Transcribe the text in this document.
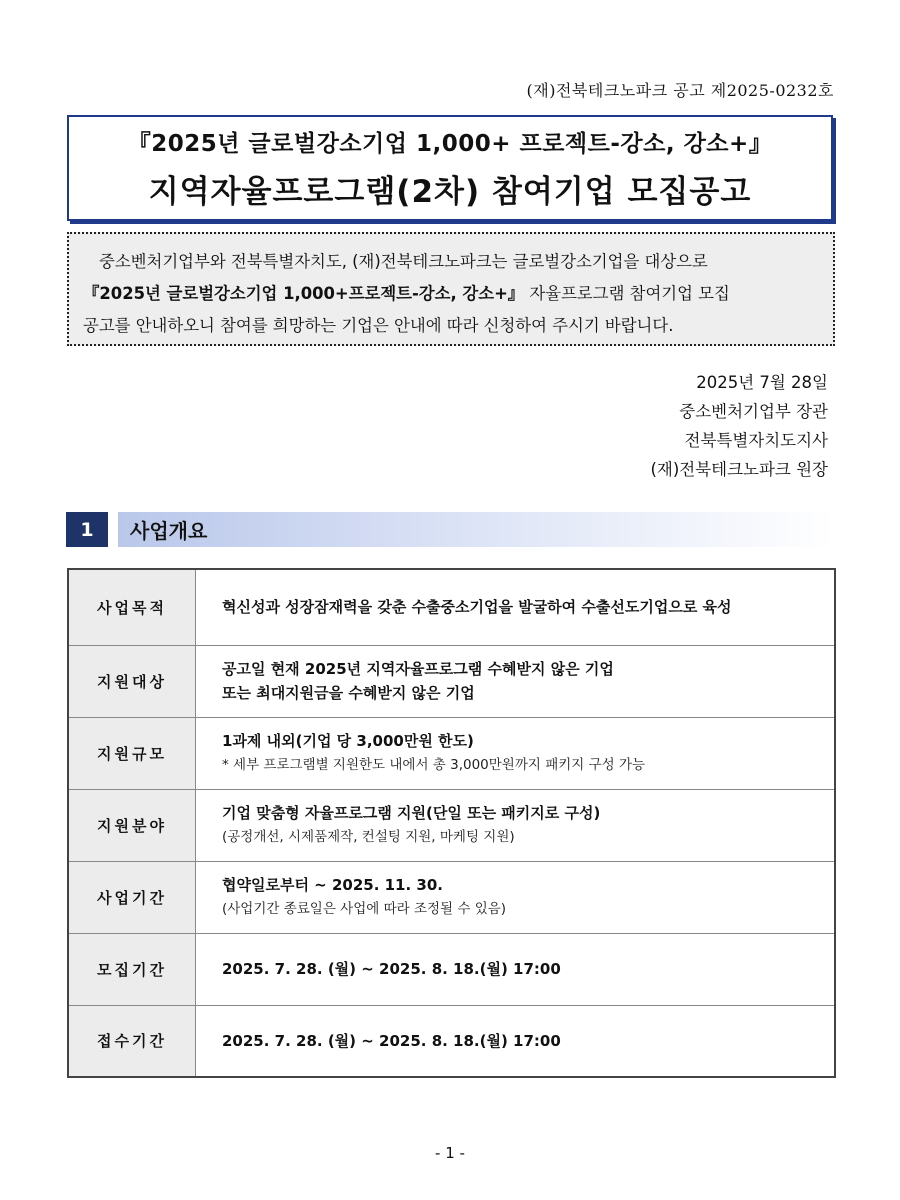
(재)전북테크노파크 공고 제2025-0232호
『2025년 글로벌강소기업 1,000+ 프로젝트-강소, 강소+』
지역자율프로그램(2차) 참여기업 모집공고

중소벤처기업부와 전북특별자치도, (재)전북테크노파크는 글로벌강소기업을 대상으로

『2025년 글로벌강소기업 1,000+프로젝트-강소, 강소+』 자율프로그램 참여기업 모집

공고를 안내하오니 참여를 희망하는 기업은 안내에 따라 신청하여 주시기 바랍니다.

2025년 7월 28일
중소벤처기업부 장관
전북특별자치도지사
(재)전북테크노파크 원장
1	사업개요
사업목적	혁신성과 성장잠재력을 갖춘 수출중소기업을 발굴하여 수출선도기업으로 육성

지원대상	공고일 현재 2025년 지역자율프로그램 수혜받지 않은 기업
또는 최대지원금을 수혜받지 않은 기업

지원규모	1과제 내외(기업 당 3,000만원 한도)
* 세부 프로그램별 지원한도 내에서 총 3,000만원까지 패키지 구성 가능

지원분야	기업 맞춤형 자율프로그램 지원(단일 또는 패키지로 구성)
(공정개선, 시제품제작, 컨설팅 지원, 마케팅 지원)

사업기간	협약일로부터 ~ 2025. 11. 30.
(사업기간 종료일은 사업에 따라 조정될 수 있음)

모집기간	2025. 7. 28. (월) ~ 2025. 8. 18.(월) 17:00

접수기간	2025. 7. 28. (월) ~ 2025. 8. 18.(월) 17:00
- 1 -
